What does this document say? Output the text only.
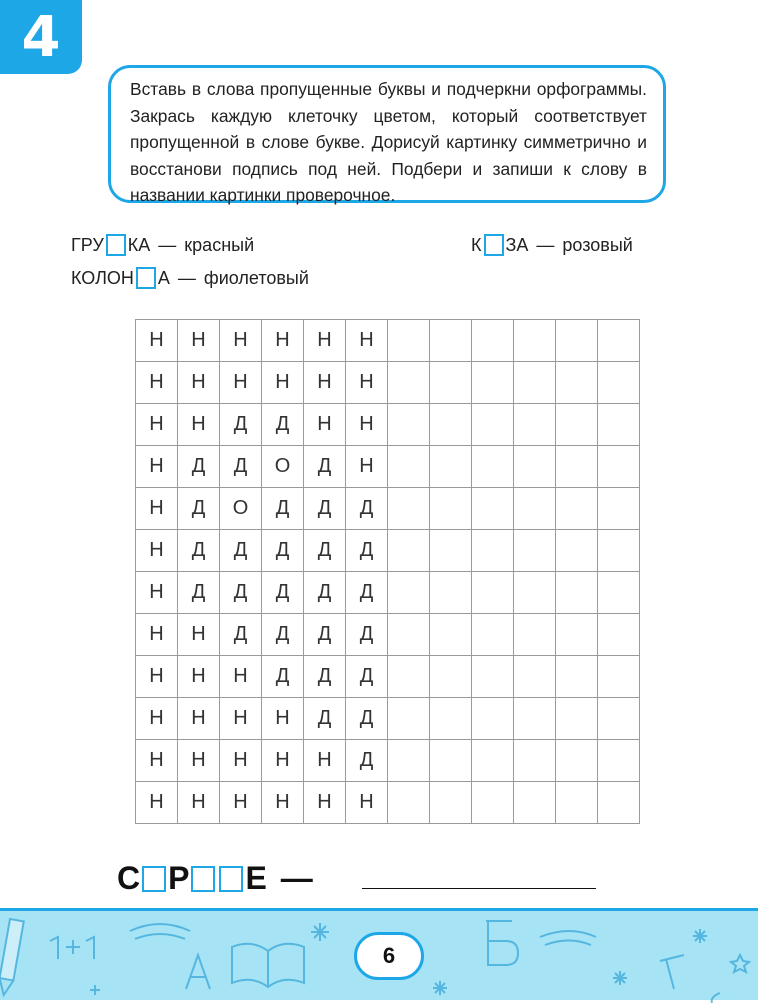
4
Вставь в слова пропущенные буквы и подчеркни орфограммы. Закрась каждую клеточку цветом, который соответствует пропущенной в слове букве. Дорисуй картинку симметрично и восстанови подпись под ней. Подбери и запиши к слову в названии картинки проверочное.
ГРУ КА — красный	К ЗА — розовый
КОЛОН А — фиолетовый
Н	Н	Н	Н	Н	Н						
Н	Н	Н	Н	Н	Н						
Н	Н	Д	Д	Н	Н						
Н	Д	Д	О	Д	Н						
Н	Д	О	Д	Д	Д						
Н	Д	Д	Д	Д	Д						
Н	Д	Д	Д	Д	Д						
Н	Н	Д	Д	Д	Д						
Н	Н	Н	Д	Д	Д						
Н	Н	Н	Н	Д	Д						
Н	Н	Н	Н	Н	Д						
Н	Н	Н	Н	Н	Н						
С Р Е —
6
